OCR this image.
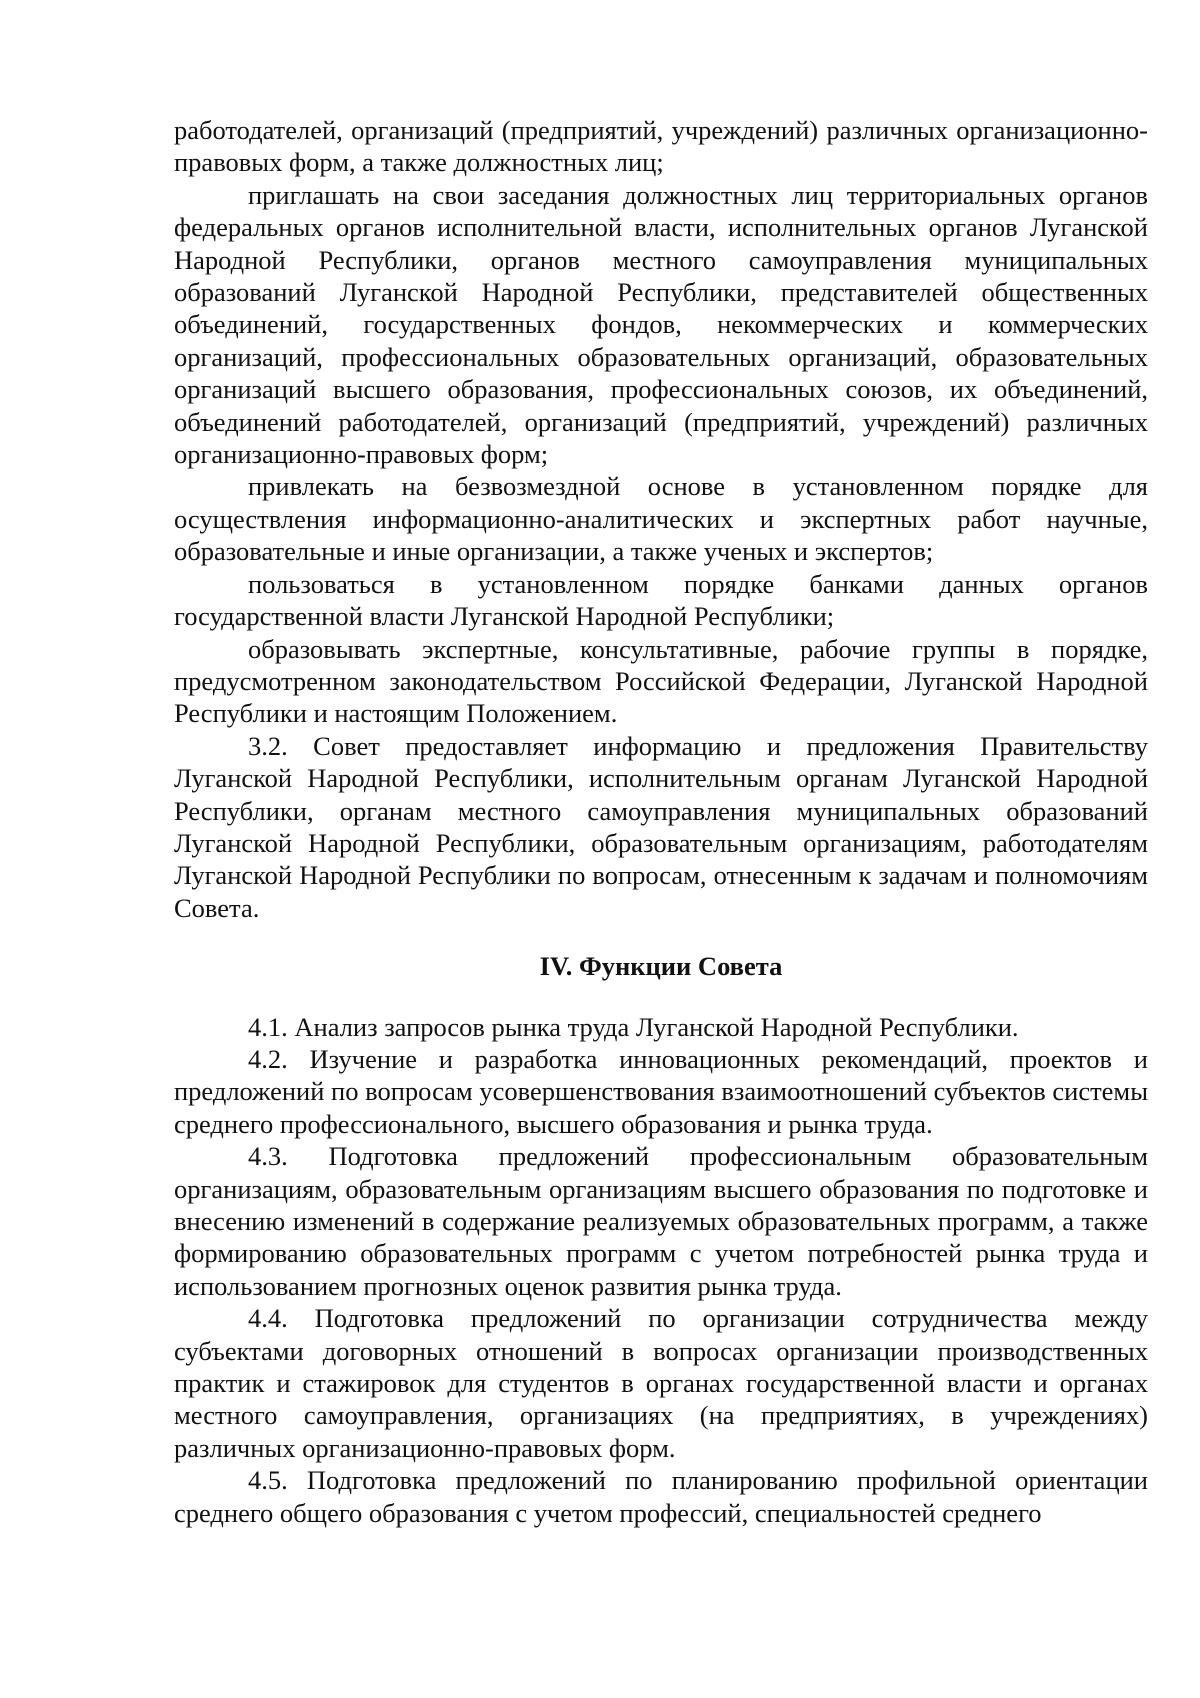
работодателей, организаций (предприятий, учреждений) различных организационно-правовых форм, а также должностных лиц;

приглашать на свои заседания должностных лиц территориальных органов федеральных органов исполнительной власти, исполнительных органов Луганской Народной Республики, органов местного самоуправления муниципальных образований Луганской Народной Республики, представителей общественных объединений, государственных фондов, некоммерческих и коммерческих организаций, профессиональных образовательных организаций, образовательных организаций высшего образования, профессиональных союзов, их объединений, объединений работодателей, организаций (предприятий, учреждений) различных организационно-правовых форм;

привлекать на безвозмездной основе в установленном порядке для осуществления информационно-аналитических и экспертных работ научные, образовательные и иные организации, а также ученых и экспертов;

пользоваться в установленном порядке банками данных органов государственной власти Луганской Народной Республики;

образовывать экспертные, консультативные, рабочие группы в порядке, предусмотренном законодательством Российской Федерации, Луганской Народной Республики и настоящим Положением.

3.2. Совет предоставляет информацию и предложения Правительству Луганской Народной Республики, исполнительным органам Луганской Народной Республики, органам местного самоуправления муниципальных образований Луганской Народной Республики, образовательным организациям, работодателям Луганской Народной Республики по вопросам, отнесенным к задачам и полномочиям Совета.

IV. Функции Совета

4.1. Анализ запросов рынка труда Луганской Народной Республики.

4.2. Изучение и разработка инновационных рекомендаций, проектов и предложений по вопросам усовершенствования взаимоотношений субъектов системы среднего профессионального, высшего образования и рынка труда.

4.3. Подготовка предложений профессиональным образовательным организациям, образовательным организациям высшего образования по подготовке и внесению изменений в содержание реализуемых образовательных программ, а также формированию образовательных программ с учетом потребностей рынка труда и использованием прогнозных оценок развития рынка труда.

4.4. Подготовка предложений по организации сотрудничества между субъектами договорных отношений в вопросах организации производственных практик и стажировок для студентов в органах государственной власти и органах местного самоуправления, организациях (на предприятиях, в учреждениях) различных организационно-правовых форм.

4.5. Подготовка предложений по планированию профильной ориентации среднего общего образования с учетом профессий, специальностей среднего
